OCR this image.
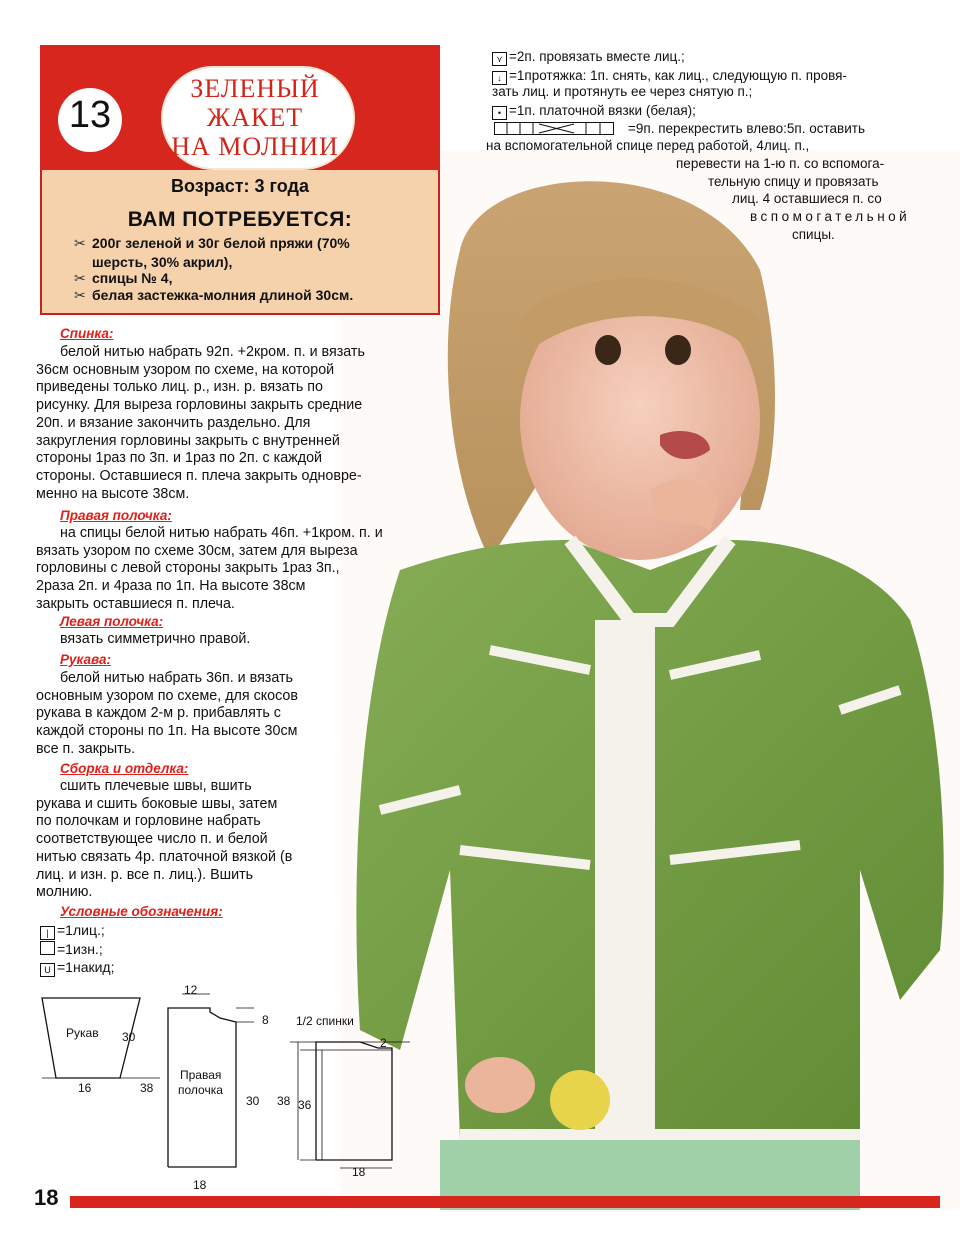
ЗЕЛЕНЫЙ
ЖАКЕТ
НА МОЛНИИ
13
Возраст: 3 года
ВАМ ПОТРЕБУЕТСЯ:
✂ 200г зеленой и 30г белой пряжи (70%
шерсть, 30% акрил),
✂ спицы № 4,
✂ белая застежка-молния длиной 30см.
⋎ =2п. провязать вместе лиц.;
↓ =1протяжка: 1п. снять, как лиц., следующую п. провя-
зать лиц. и протянуть ее через снятую п.;
• =1п. платочной вязки (белая);
=9п. перекрестить влево:5п. оставить
на вспомогательной спице перед работой, 4лиц. п.,
перевести на 1-ю п. со вспомога-
тельную спицу и провязать
лиц. 4 оставшиеся п. со
вспомогательной
спицы.
Спинка:
белой нитью набрать 92п. +2кром. п. и вязать
36см основным узором по схеме, на которой
приведены только лиц. р., изн. р. вязать по
рисунку. Для выреза горловины закрыть средние
20п. и вязание закончить раздельно. Для
закругления горловины закрыть с внутренней
стороны 1раз по 3п. и 1раз по 2п. с каждой
стороны. Оставшиеся п. плеча закрыть одновре-
менно на высоте 38см.
Правая полочка:
на спицы белой нитью набрать 46п. +1кром. п. и
вязать узором по схеме 30см, затем для выреза
горловины с левой стороны закрыть 1раз 3п.,
2раза 2п. и 4раза по 1п. На высоте 38см
закрыть оставшиеся п. плеча.
Левая полочка:
вязать симметрично правой.
Рукава:
белой нитью набрать 36п. и вязать
основным узором по схеме, для скосов
рукава в каждом 2-м р. прибавлять с
каждой стороны по 1п. На высоте 30см
все п. закрыть.
Сборка и отделка:
сшить плечевые швы, вшить
рукава и сшить боковые швы, затем
по полочкам и горловине набрать
соответствующее число п. и белой
нитью связать 4р. платочной вязкой (в
лиц. и изн. р. все п. лиц.). Вшить
молнию.
Условные обозначения:
| =1лиц.;
=1изн.;
U =1накид;
Рукав 30
16	38
12
8
Правая
полочка
30
18
1/2 спинки
2
38 36
18
18
